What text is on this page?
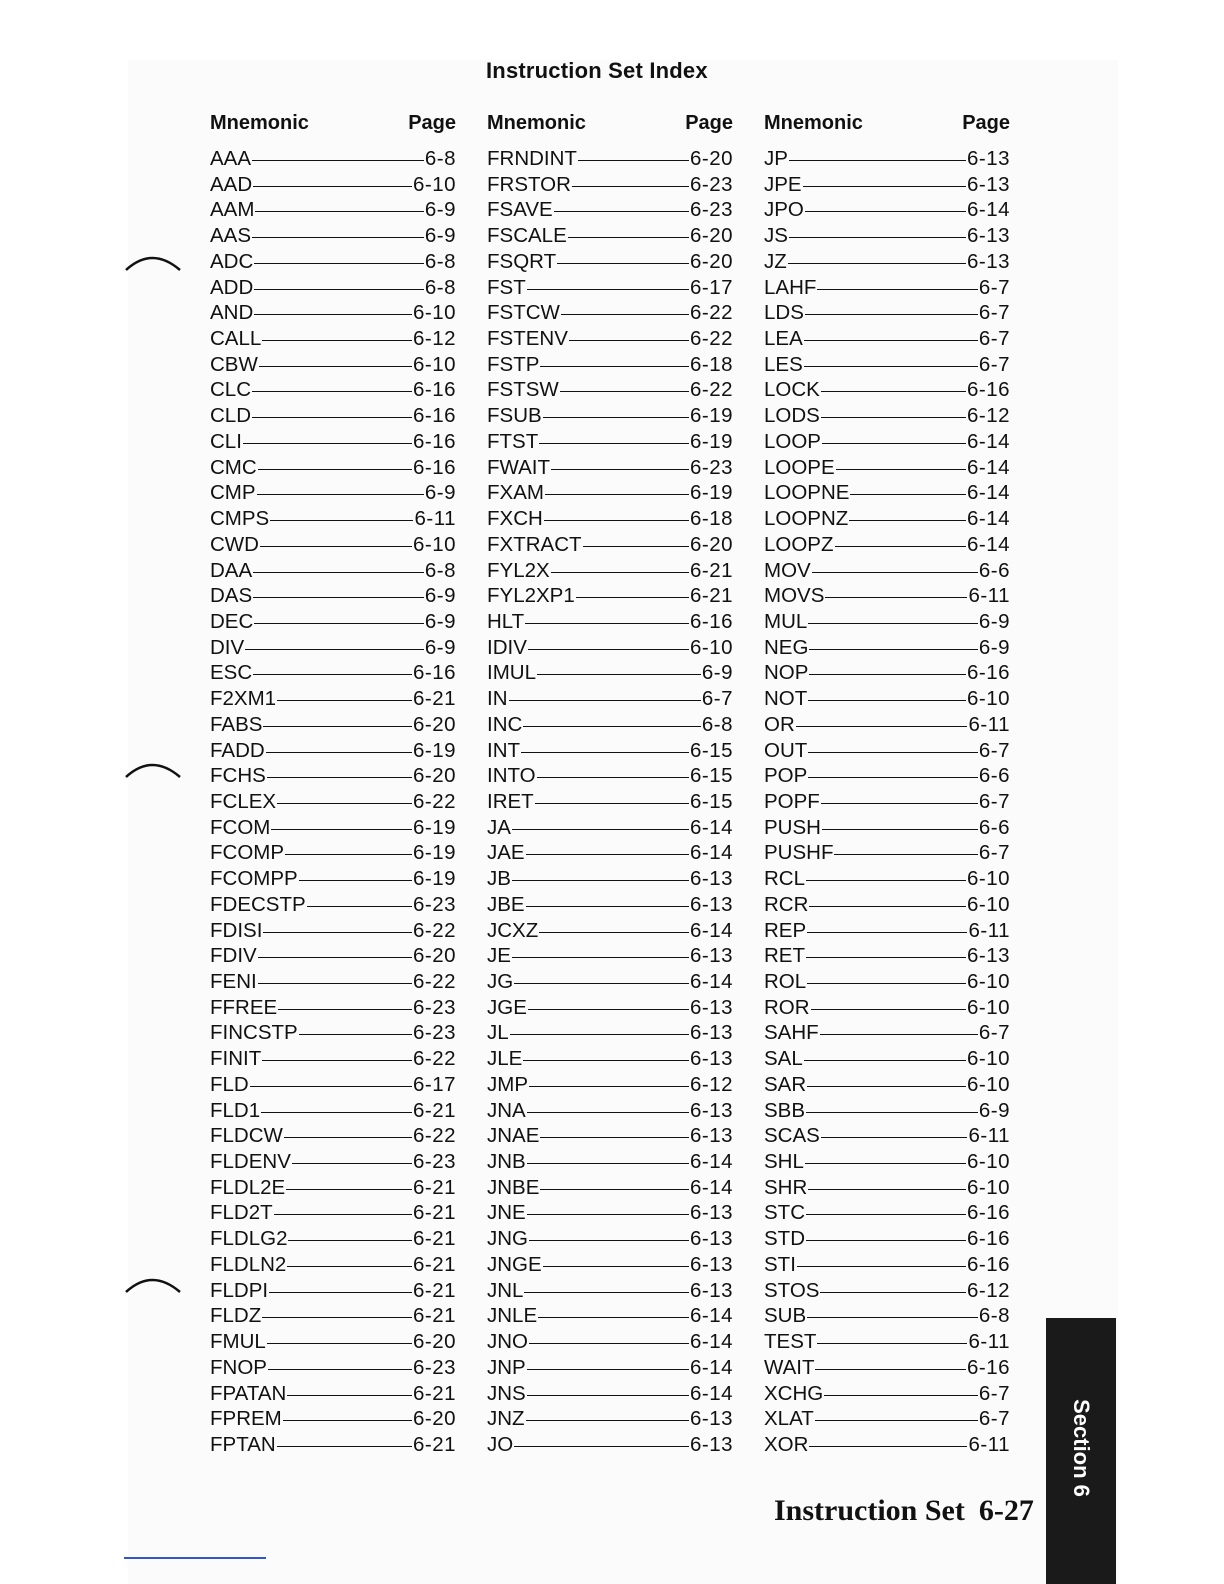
Instruction Set Index
Mnemonic	Page
AAA	6-8
AAD	6-10
AAM	6-9
AAS	6-9
ADC	6-8
ADD	6-8
AND	6-10
CALL	6-12
CBW	6-10
CLC	6-16
CLD	6-16
CLI	6-16
CMC	6-16
CMP	6-9
CMPS	6-11
CWD	6-10
DAA	6-8
DAS	6-9
DEC	6-9
DIV	6-9
ESC	6-16
F2XM1	6-21
FABS	6-20
FADD	6-19
FCHS	6-20
FCLEX	6-22
FCOM	6-19
FCOMP	6-19
FCOMPP	6-19
FDECSTP	6-23
FDISI	6-22
FDIV	6-20
FENI	6-22
FFREE	6-23
FINCSTP	6-23
FINIT	6-22
FLD	6-17
FLD1	6-21
FLDCW	6-22
FLDENV	6-23
FLDL2E	6-21
FLD2T	6-21
FLDLG2	6-21
FLDLN2	6-21
FLDPI	6-21
FLDZ	6-21
FMUL	6-20
FNOP	6-23
FPATAN	6-21
FPREM	6-20
FPTAN	6-21
Mnemonic	Page
FRNDINT	6-20
FRSTOR	6-23
FSAVE	6-23
FSCALE	6-20
FSQRT	6-20
FST	6-17
FSTCW	6-22
FSTENV	6-22
FSTP	6-18
FSTSW	6-22
FSUB	6-19
FTST	6-19
FWAIT	6-23
FXAM	6-19
FXCH	6-18
FXTRACT	6-20
FYL2X	6-21
FYL2XP1	6-21
HLT	6-16
IDIV	6-10
IMUL	6-9
IN	6-7
INC	6-8
INT	6-15
INTO	6-15
IRET	6-15
JA	6-14
JAE	6-14
JB	6-13
JBE	6-13
JCXZ	6-14
JE	6-13
JG	6-14
JGE	6-13
JL	6-13
JLE	6-13
JMP	6-12
JNA	6-13
JNAE	6-13
JNB	6-14
JNBE	6-14
JNE	6-13
JNG	6-13
JNGE	6-13
JNL	6-13
JNLE	6-14
JNO	6-14
JNP	6-14
JNS	6-14
JNZ	6-13
JO	6-13
Mnemonic	Page
JP	6-13
JPE	6-13
JPO	6-14
JS	6-13
JZ	6-13
LAHF	6-7
LDS	6-7
LEA	6-7
LES	6-7
LOCK	6-16
LODS	6-12
LOOP	6-14
LOOPE	6-14
LOOPNE	6-14
LOOPNZ	6-14
LOOPZ	6-14
MOV	6-6
MOVS	6-11
MUL	6-9
NEG	6-9
NOP	6-16
NOT	6-10
OR	6-11
OUT	6-7
POP	6-6
POPF	6-7
PUSH	6-6
PUSHF	6-7
RCL	6-10
RCR	6-10
REP	6-11
RET	6-13
ROL	6-10
ROR	6-10
SAHF	6-7
SAL	6-10
SAR	6-10
SBB	6-9
SCAS	6-11
SHL	6-10
SHR	6-10
STC	6-16
STD	6-16
STI	6-16
STOS	6-12
SUB	6-8
TEST	6-11
WAIT	6-16
XCHG	6-7
XLAT	6-7
XOR	6-11	Section 6
Instruction Set 6-27
